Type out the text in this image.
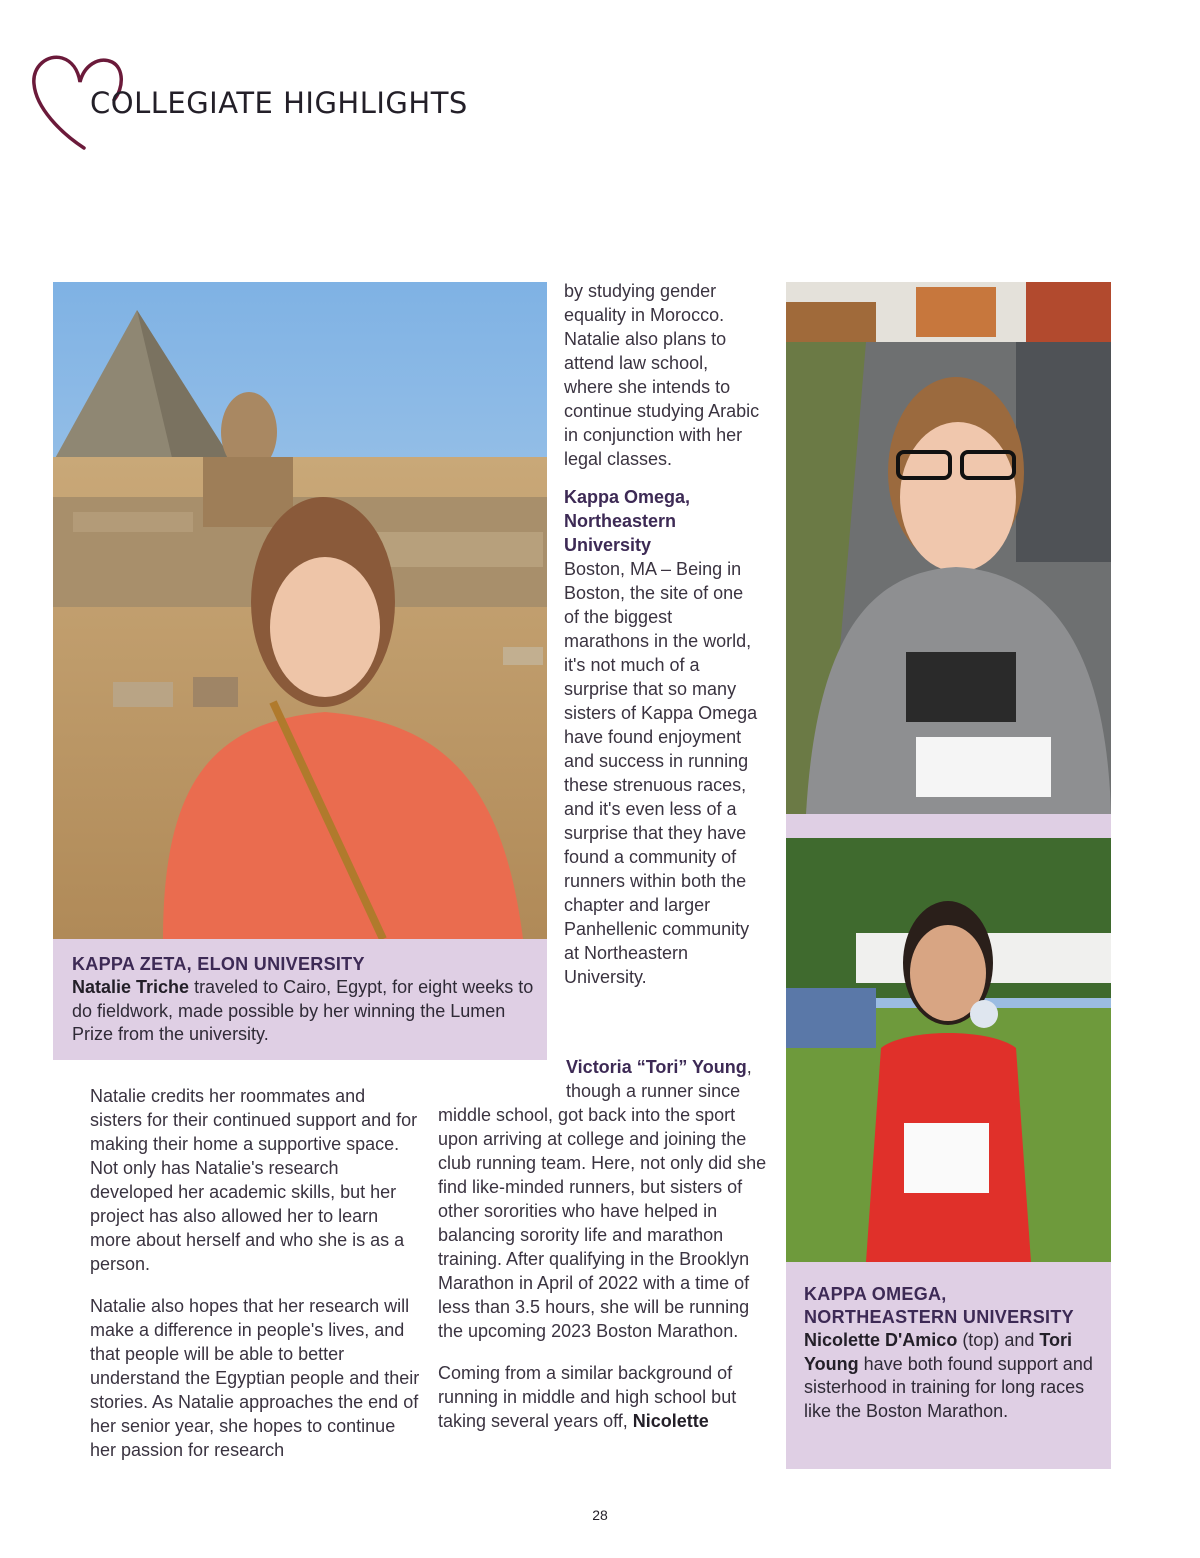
COLLEGIATE HIGHLIGHTS
KAPPA ZETA, ELON UNIVERSITY
Natalie Triche traveled to Cairo, Egypt, for eight weeks to do fieldwork, made possible by her winning the Lumen Prize from the university.

by studying gender equality in Morocco. Natalie also plans to attend law school, where she intends to continue studying Arabic in conjunction with her legal classes.

Kappa Omega, Northeastern University

Boston, MA – Being in Boston, the site of one of the biggest marathons in the world, it's not much of a surprise that so many sisters of Kappa Omega have found enjoyment and success in running these strenuous races, and it's even less of a surprise that they have found a community of runners within both the chapter and larger Panhellenic community at Northeastern University.

Victoria “Tori” Young,
though a runner since
KAPPA OMEGA,
NORTHEASTERN UNIVERSITY
Nicolette D'Amico (top) and Tori Young have both found support and sisterhood in training for long races like the Boston Marathon.

Natalie credits her roommates and sisters for their continued support and for making their home a supportive space. Not only has Natalie's research developed her academic skills, but her project has also allowed her to learn more about herself and who she is as a person.

Natalie also hopes that her research will make a difference in people's lives, and that people will be able to better understand the Egyptian people and their stories. As Natalie approaches the end of her senior year, she hopes to continue her passion for research

middle school, got back into the sport upon arriving at college and joining the club running team. Here, not only did she find like-minded runners, but sisters of other sororities who have helped in balancing sorority life and marathon training. After qualifying in the Brooklyn Marathon in April of 2022 with a time of less than 3.5 hours, she will be running the upcoming 2023 Boston Marathon.

Coming from a similar background of running in middle and high school but taking several years off, Nicolette

28
